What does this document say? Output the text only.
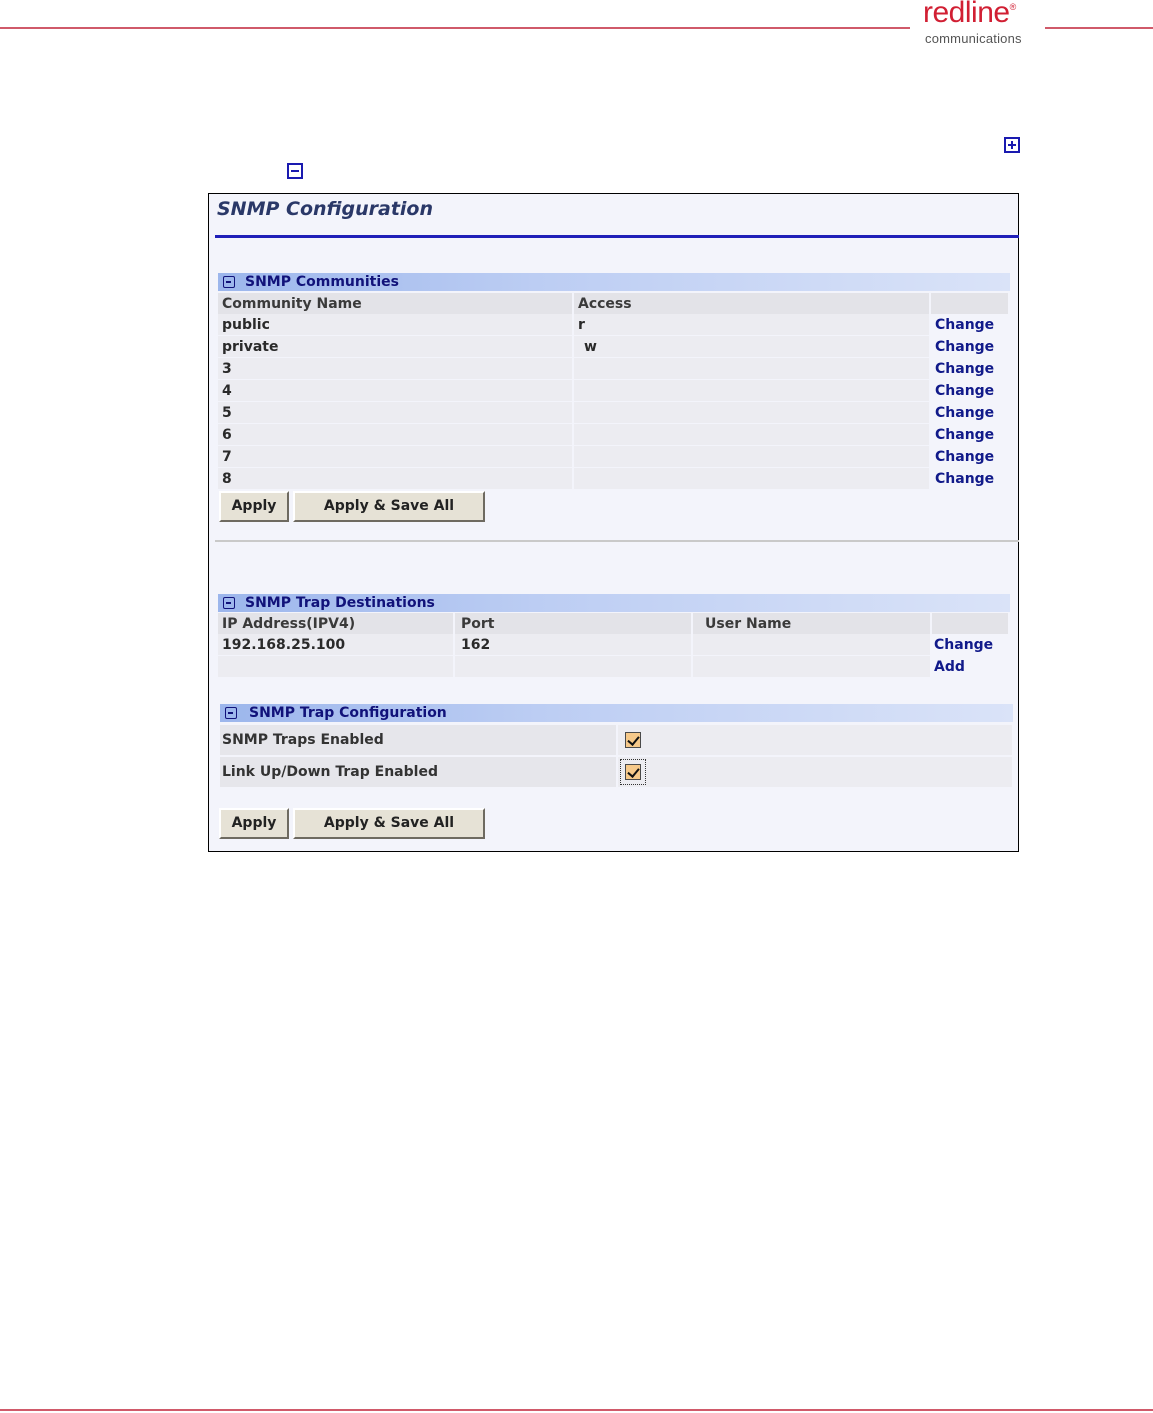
redline®
communications
SNMP Configuration
SNMP Communities
Community Name	Access	
public	r	Change
private	w	Change
3		Change
4		Change
5		Change
6		Change
7		Change
8		Change
Apply	Apply & Save All
SNMP Trap Destinations
IP Address(IPV4)	Port	User Name	
192.168.25.100	162		Change
			Add
SNMP Trap Configuration
SNMP Traps Enabled
Link Up/Down Trap Enabled
Apply	Apply & Save All
